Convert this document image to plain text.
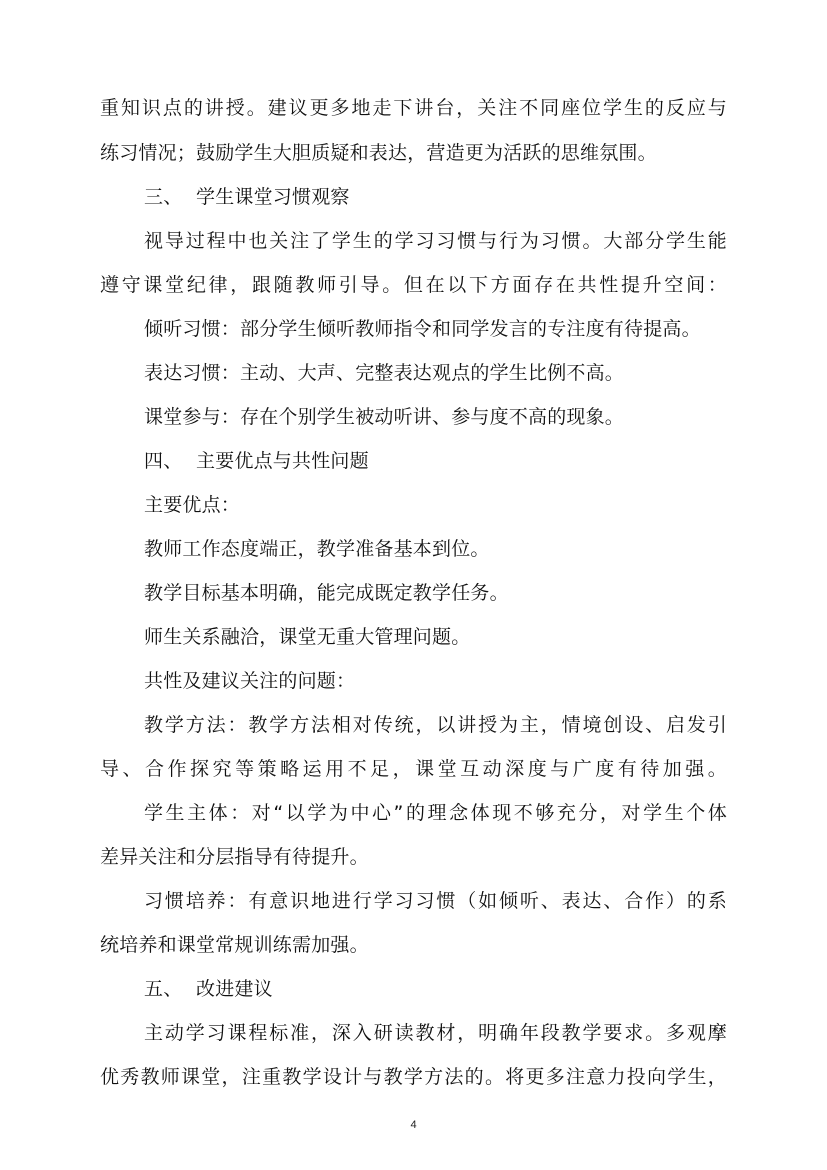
重知识点的讲授。建议更多地走下讲台，关注不同座位学生的反应与
练习情况；鼓励学生大胆质疑和表达，营造更为活跃的思维氛围。
三、 学生课堂习惯观察
视导过程中也关注了学生的学习习惯与行为习惯。大部分学生能
遵守课堂纪律，跟随教师引导。但在以下方面存在共性提升空间：
倾听习惯：部分学生倾听教师指令和同学发言的专注度有待提高。
表达习惯：主动、大声、完整表达观点的学生比例不高。
课堂参与：存在个别学生被动听讲、参与度不高的现象。
四、 主要优点与共性问题
主要优点：
教师工作态度端正，教学准备基本到位。
教学目标基本明确，能完成既定教学任务。
师生关系融洽，课堂无重大管理问题。
共性及建议关注的问题：
教学方法：教学方法相对传统，以讲授为主，情境创设、启发引
导、合作探究等策略运用不足，课堂互动深度与广度有待加强。
学生主体：对“以学为中心”的理念体现不够充分，对学生个体
差异关注和分层指导有待提升。
习惯培养：有意识地进行学习习惯（如倾听、表达、合作）的系
统培养和课堂常规训练需加强。
五、 改进建议
主动学习课程标准，深入研读教材，明确年段教学要求。多观摩
优秀教师课堂，注重教学设计与教学方法的。将更多注意力投向学生，
4
